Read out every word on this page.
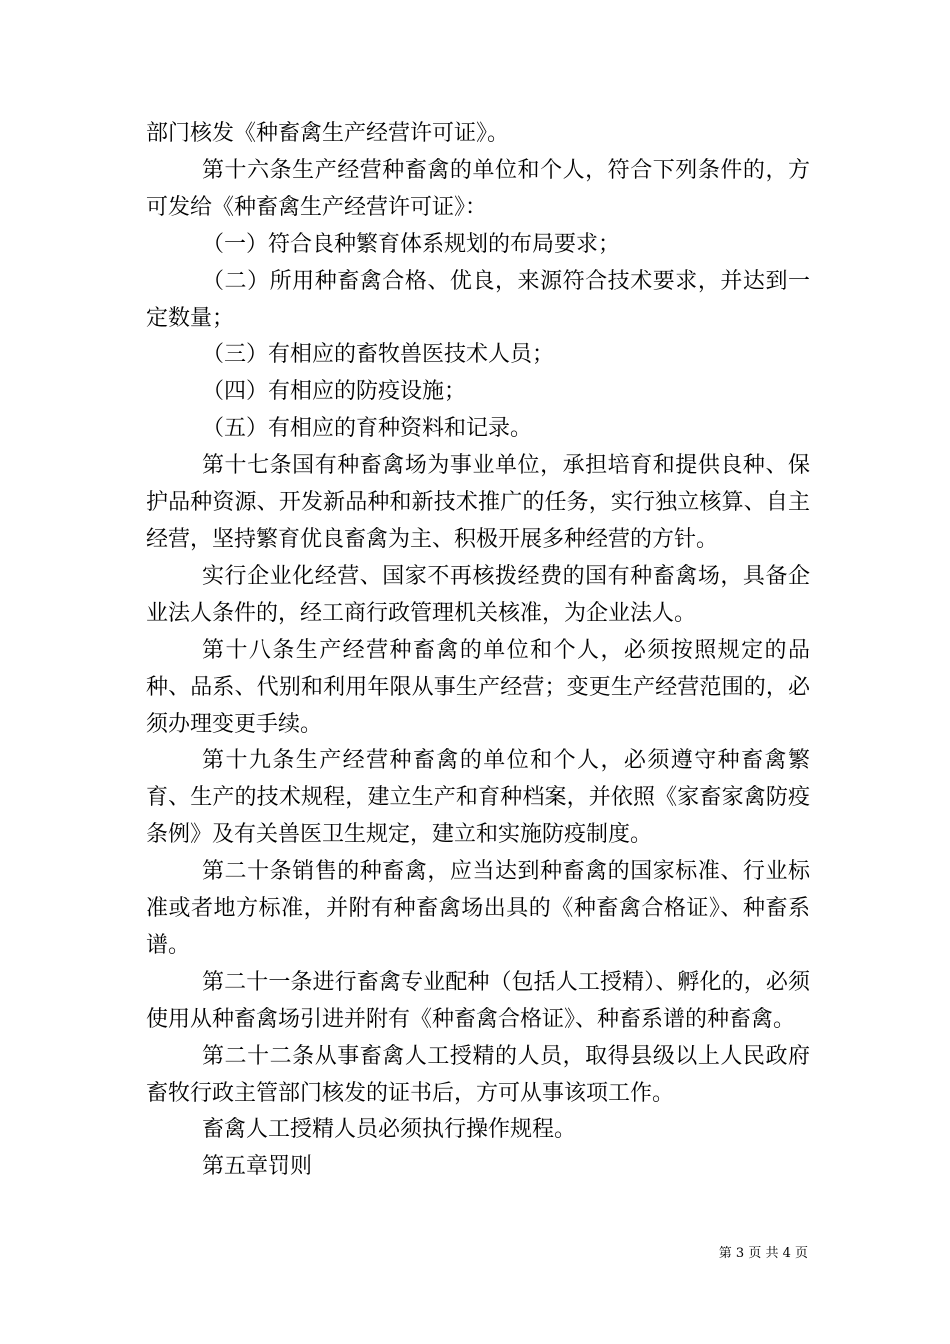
部门核发《种畜禽生产经营许可证》。

第十六条生产经营种畜禽的单位和个人，符合下列条件的，方可发给《种畜禽生产经营许可证》：

（一）符合良种繁育体系规划的布局要求；

（二）所用种畜禽合格、优良，来源符合技术要求，并达到一定数量；

（三）有相应的畜牧兽医技术人员；

（四）有相应的防疫设施；

（五）有相应的育种资料和记录。

第十七条国有种畜禽场为事业单位，承担培育和提供良种、保护品种资源、开发新品种和新技术推广的任务，实行独立核算、自主经营，坚持繁育优良畜禽为主、积极开展多种经营的方针。

实行企业化经营、国家不再核拨经费的国有种畜禽场，具备企业法人条件的，经工商行政管理机关核准，为企业法人。

第十八条生产经营种畜禽的单位和个人，必须按照规定的品种、品系、代别和利用年限从事生产经营；变更生产经营范围的，必须办理变更手续。

第十九条生产经营种畜禽的单位和个人，必须遵守种畜禽繁育、生产的技术规程，建立生产和育种档案，并依照《家畜家禽防疫条例》及有关兽医卫生规定，建立和实施防疫制度。

第二十条销售的种畜禽，应当达到种畜禽的国家标准、行业标准或者地方标准，并附有种畜禽场出具的《种畜禽合格证》、种畜系谱。

第二十一条进行畜禽专业配种（包括人工授精）、孵化的，必须使用从种畜禽场引进并附有《种畜禽合格证》、种畜系谱的种畜禽。

第二十二条从事畜禽人工授精的人员，取得县级以上人民政府畜牧行政主管部门核发的证书后，方可从事该项工作。

畜禽人工授精人员必须执行操作规程。

第五章罚则

第 3 页 共 4 页
